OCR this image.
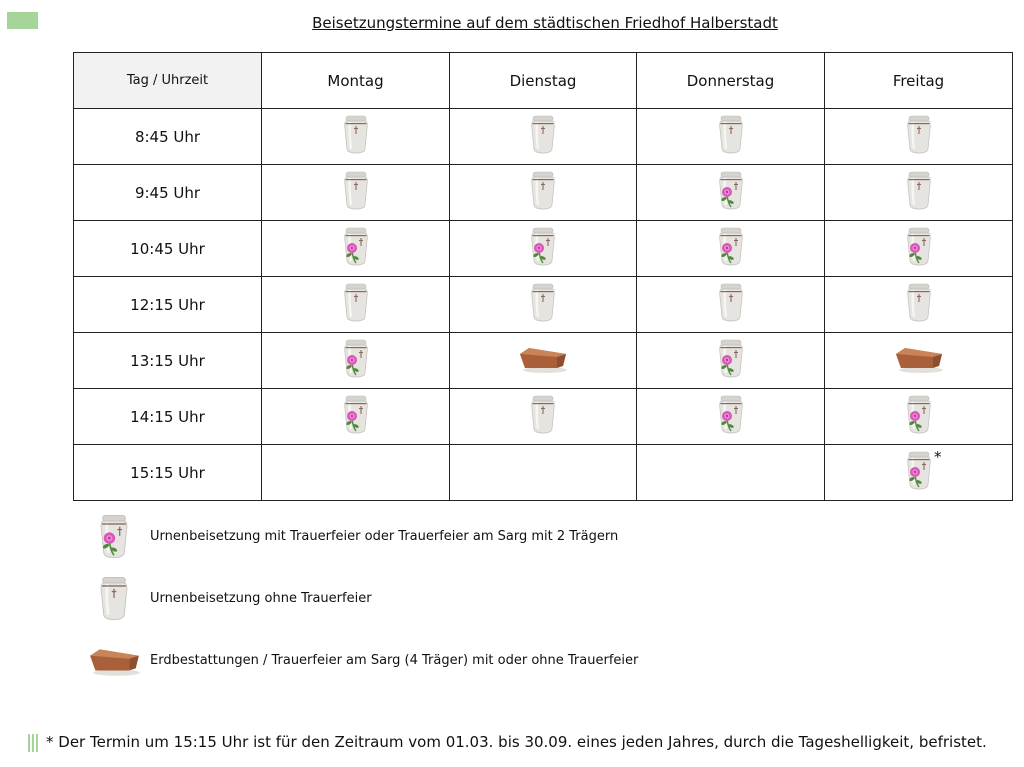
Beisetzungstermine auf dem städtischen Friedhof Halberstadt
Tag / Uhrzeit	Montag	Dienstag	Donnerstag	Freitag
8:45 Uhr	

9:45 Uhr	

10:45 Uhr	

12:15 Uhr	

13:15 Uhr	

14:15 Uhr	

15:15 Uhr				*
Urnenbeisetzung mit Trauerfeier oder Trauerfeier am Sarg mit 2 Trägern
Urnenbeisetzung ohne Trauerfeier
Erdbestattungen / Trauerfeier am Sarg (4 Träger) mit oder ohne Trauerfeier
* Der Termin um 15:15 Uhr ist für den Zeitraum vom 01.03. bis 30.09. eines jeden Jahres, durch die Tageshelligkeit, befristet.
